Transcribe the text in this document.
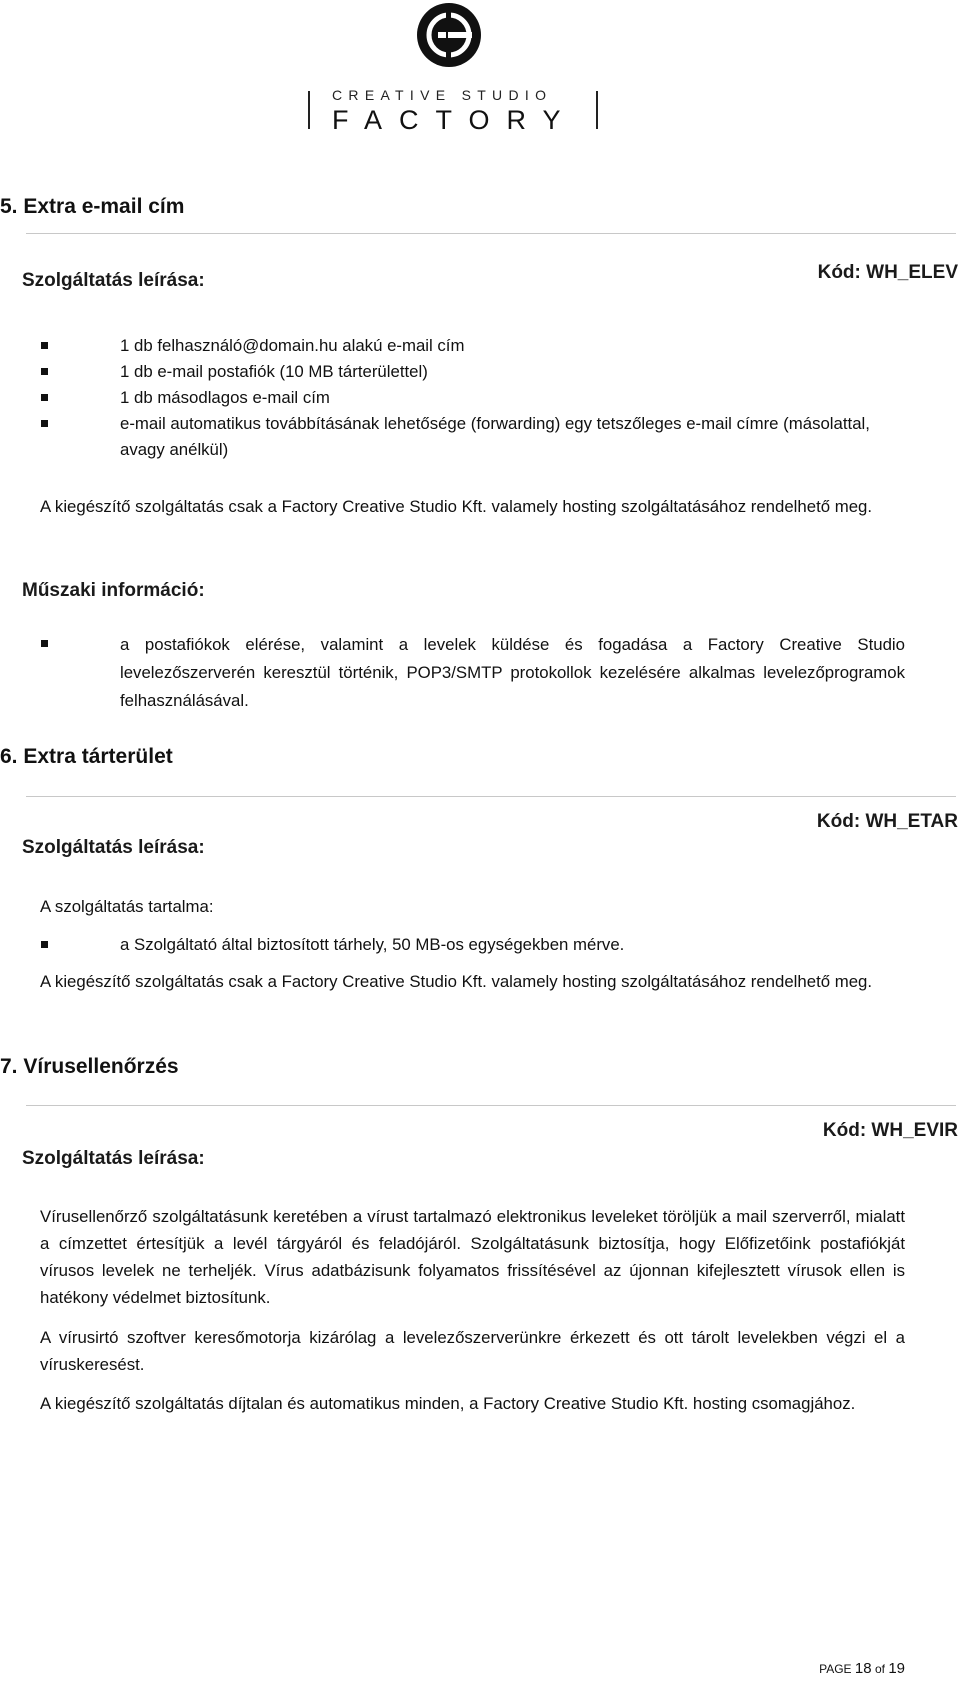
CREATIVE STUDIO
FACTORY
5. Extra e-mail cím
Kód: WH_ELEV
Szolgáltatás leírása:
1 db felhasználó@domain.hu alakú e-mail cím
1 db e-mail postafiók (10 MB tárterülettel)
1 db másodlagos e-mail cím
e-mail automatikus továbbításának lehetősége (forwarding) egy tetszőleges e-mail címre (másolattal, avagy anélkül)

A kiegészítő szolgáltatás csak a Factory Creative Studio Kft. valamely hosting szolgáltatásához rendelhető meg.

Műszaki információ:
a postafiókok elérése, valamint a levelek küldése és fogadása a Factory Creative Studio levelezőszerverén keresztül történik, POP3/SMTP protokollok kezelésére alkalmas levelezőprogramok felhasználásával.
6. Extra tárterület
Kód: WH_ETAR
Szolgáltatás leírása:

A szolgáltatás tartalma:

a Szolgáltató által biztosított tárhely, 50 MB-os egységekben mérve.

A kiegészítő szolgáltatás csak a Factory Creative Studio Kft. valamely hosting szolgáltatásához rendelhető meg.

7. Vírusellenőrzés
Kód: WH_EVIR
Szolgáltatás leírása:

Vírusellenőrző szolgáltatásunk keretében a vírust tartalmazó elektronikus leveleket töröljük a mail szerverről, mialatt a címzettet értesítjük a levél tárgyáról és feladójáról. Szolgáltatásunk biztosítja, hogy Előfizetőink postafiókját vírusos levelek ne terheljék. Vírus adatbázisunk folyamatos frissítésével az újonnan kifejlesztett vírusok ellen is hatékony védelmet biztosítunk.

A vírusirtó szoftver keresőmotorja kizárólag a levelezőszerverünkre érkezett és ott tárolt levelekben végzi el a víruskeresést.

A kiegészítő szolgáltatás díjtalan és automatikus minden, a Factory Creative Studio Kft. hosting csomagjához.

PAGE 18 of 19
